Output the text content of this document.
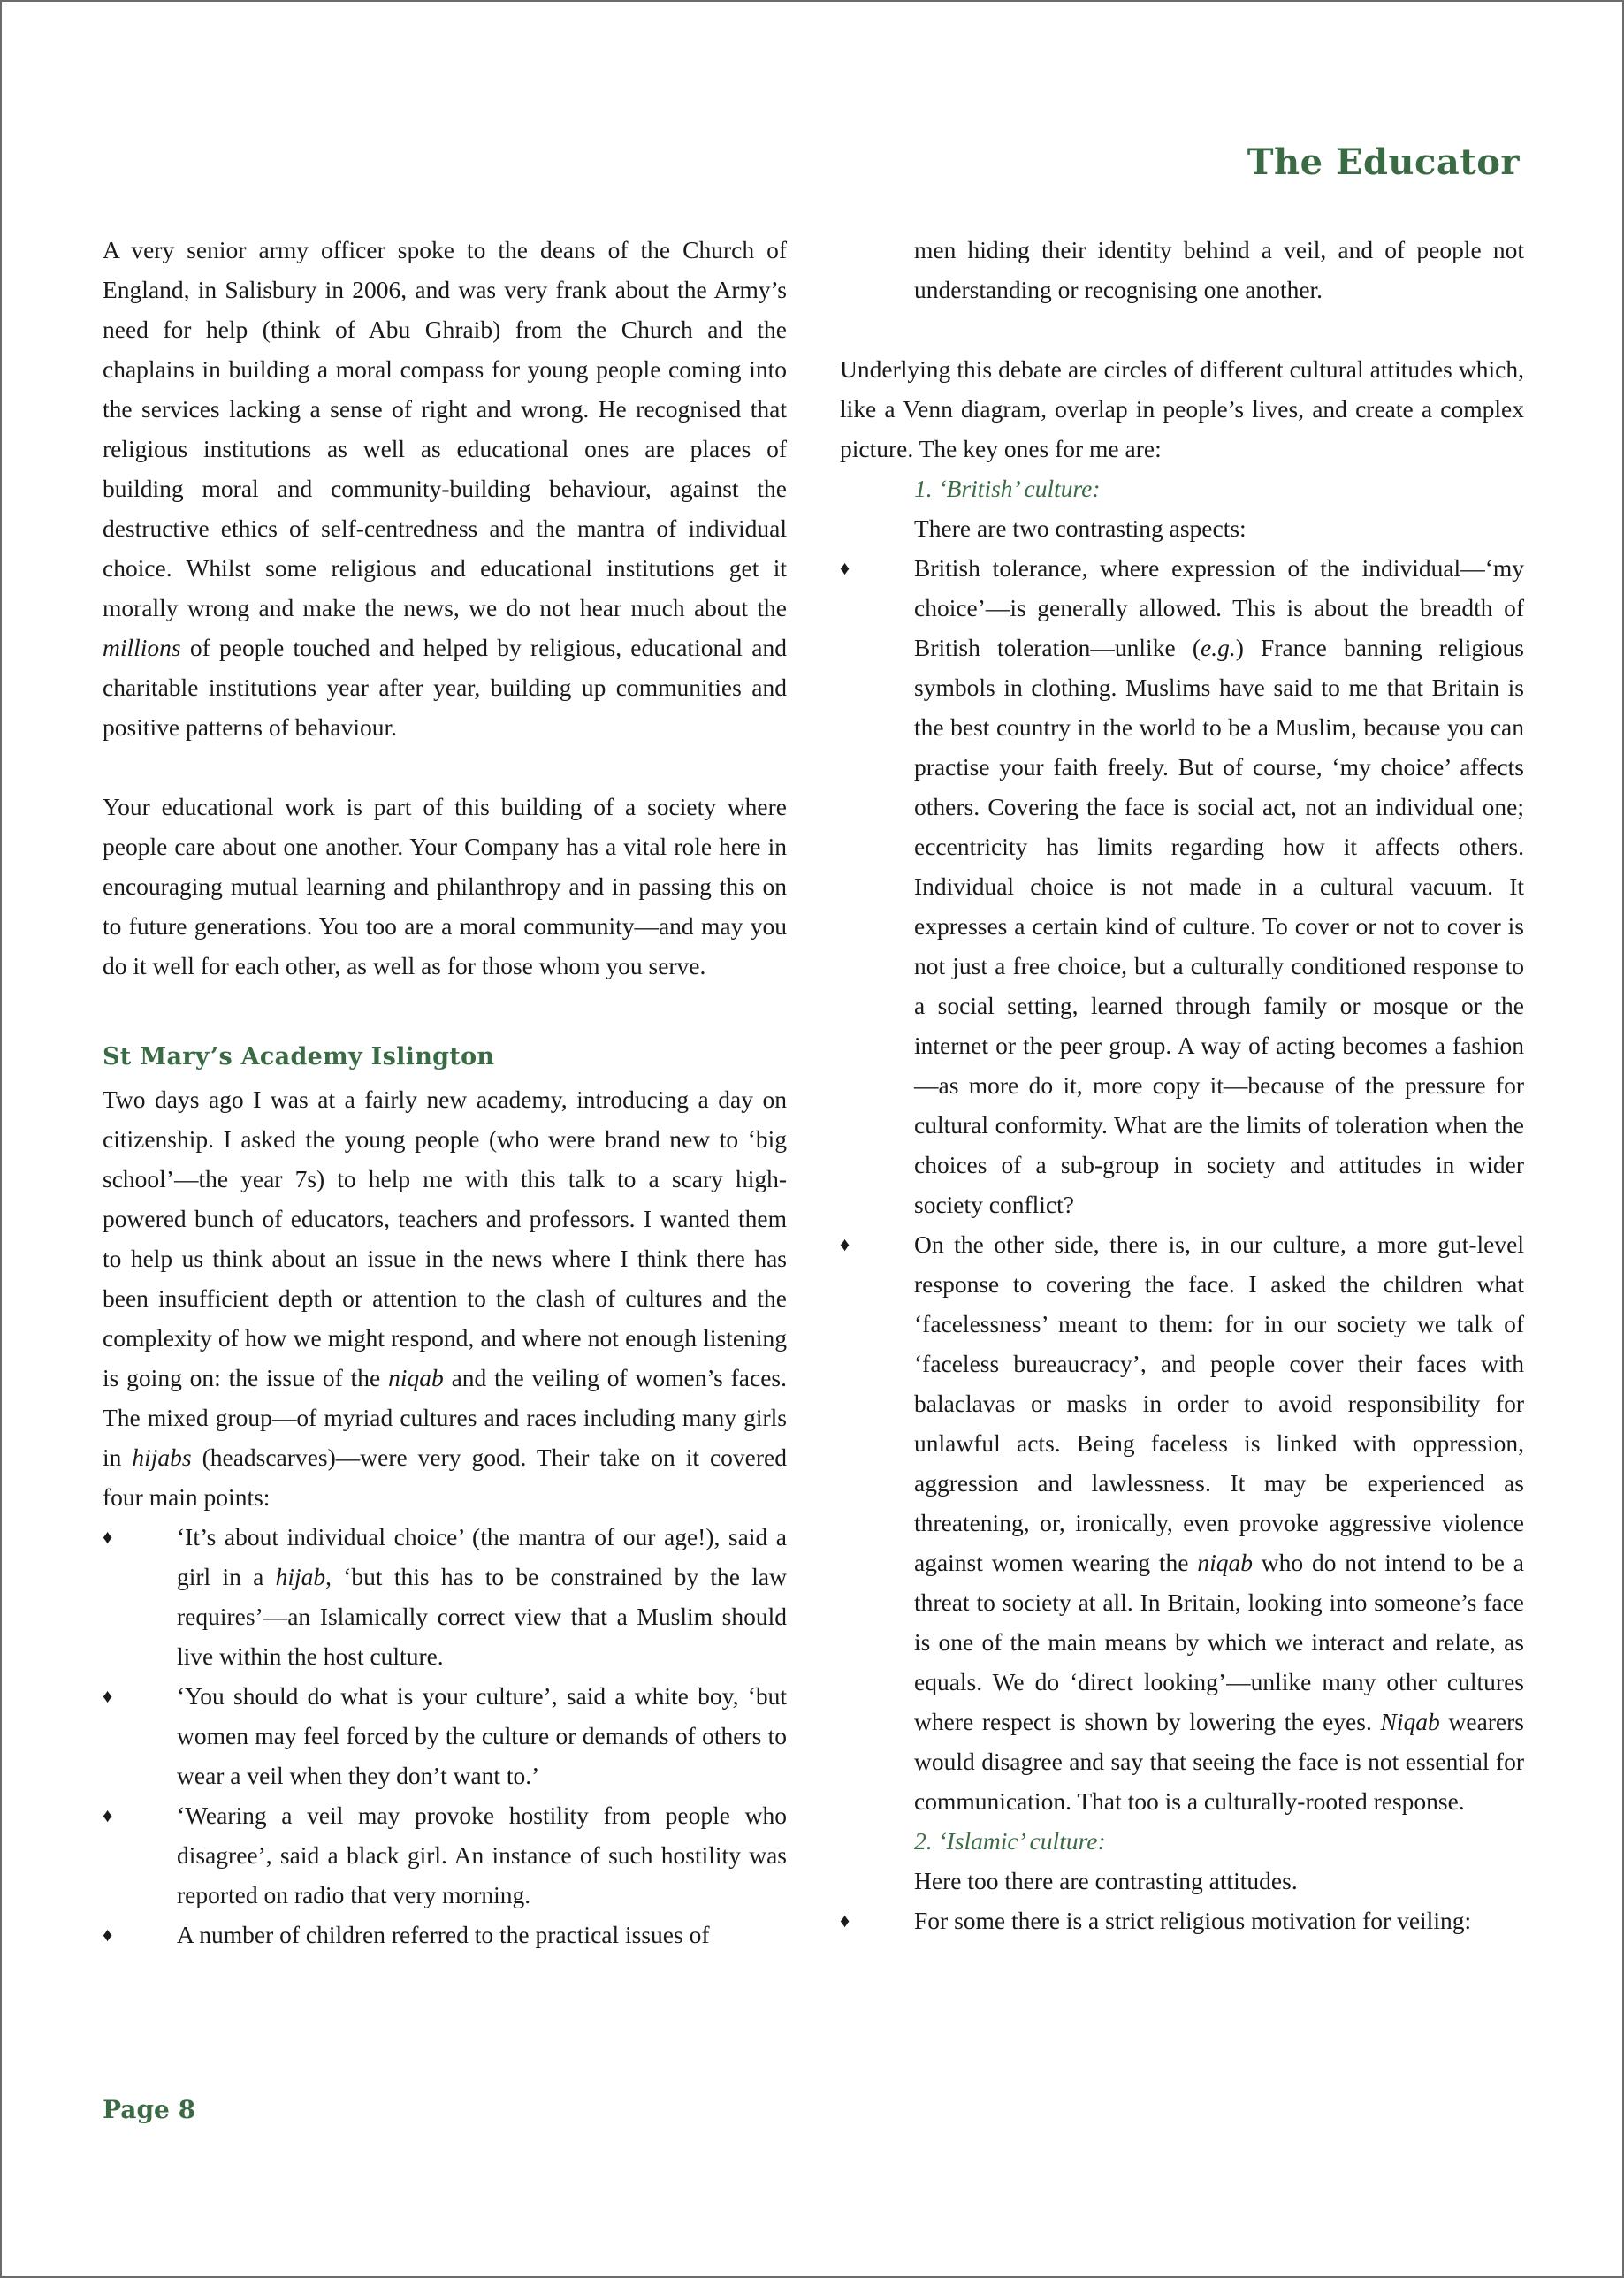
The Educator

A very senior army officer spoke to the deans of the Church of England, in Salisbury in 2006, and was very frank about the Army’s need for help (think of Abu Ghraib) from the Church and the chaplains in building a moral compass for young people coming into the services lacking a sense of right and wrong. He recognised that religious institutions as well as educational ones are places of building moral and community-building behaviour, against the destructive ethics of self-centredness and the mantra of individual choice. Whilst some religious and educational institutions get it morally wrong and make the news, we do not hear much about the millions of people touched and helped by religious, educational and charitable institutions year after year, building up communities and positive patterns of behaviour.

Your educational work is part of this building of a society where people care about one another. Your Company has a vital role here in encouraging mutual learning and philanthropy and in passing this on to future generations. You too are a moral community—and may you do it well for each other, as well as for those whom you serve.

St Mary’s Academy Islington

Two days ago I was at a fairly new academy, introducing a day on citizenship. I asked the young people (who were brand new to ‘big school’—the year 7s) to help me with this talk to a scary high-powered bunch of educators, teachers and professors. I wanted them to help us think about an issue in the news where I think there has been insufficient depth or attention to the clash of cultures and the complexity of how we might respond, and where not enough listening is going on: the issue of the niqab and the veiling of women’s faces. The mixed group—of myriad cultures and races including many girls in hijabs (headscarves)—were very good. Their take on it covered four main points:

♦	‘It’s about individual choice’ (the mantra of our age!), said a girl in a hijab, ‘but this has to be constrained by the law requires’—an Islamically correct view that a Muslim should live within the host culture.
♦	‘You should do what is your culture’, said a white boy, ‘but women may feel forced by the culture or demands of others to wear a veil when they don’t want to.’
♦	‘Wearing a veil may provoke hostility from people who disagree’, said a black girl. An instance of such hostility was reported on radio that very morning.
♦	A number of children referred to the practical issues of

men hiding their identity behind a veil, and of people not understanding or recognising one another.

Underlying this debate are circles of different cultural attitudes which, like a Venn diagram, overlap in people’s lives, and create a complex picture. The key ones for me are:

1. ‘British’ culture:

There are two contrasting aspects:

♦	British tolerance, where expression of the individual—‘my choice’—is generally allowed. This is about the breadth of British toleration—unlike (e.g.) France banning religious symbols in clothing. Muslims have said to me that Britain is the best country in the world to be a Muslim, because you can practise your faith freely. But of course, ‘my choice’ affects others. Covering the face is social act, not an individual one; eccentricity has limits regarding how it affects others. Individual choice is not made in a cultural vacuum. It expresses a certain kind of culture. To cover or not to cover is not just a free choice, but a culturally conditioned response to a social setting, learned through family or mosque or the internet or the peer group. A way of acting becomes a fashion—as more do it, more copy it—because of the pressure for cultural conformity. What are the limits of toleration when the choices of a sub-group in society and attitudes in wider society conflict?
♦	On the other side, there is, in our culture, a more gut-level response to covering the face. I asked the children what ‘facelessness’ meant to them: for in our society we talk of ‘faceless bureaucracy’, and people cover their faces with balaclavas or masks in order to avoid responsibility for unlawful acts. Being faceless is linked with oppression, aggression and lawlessness. It may be experienced as threatening, or, ironically, even provoke aggressive violence against women wearing the niqab who do not intend to be a threat to society at all. In Britain, looking into someone’s face is one of the main means by which we interact and relate, as equals. We do ‘direct looking’—unlike many other cultures where respect is shown by lowering the eyes. Niqab wearers would disagree and say that seeing the face is not essential for communication. That too is a culturally-rooted response.
2. ‘Islamic’ culture:

Here too there are contrasting attitudes.

♦	For some there is a strict religious motivation for veiling:
Page 8
